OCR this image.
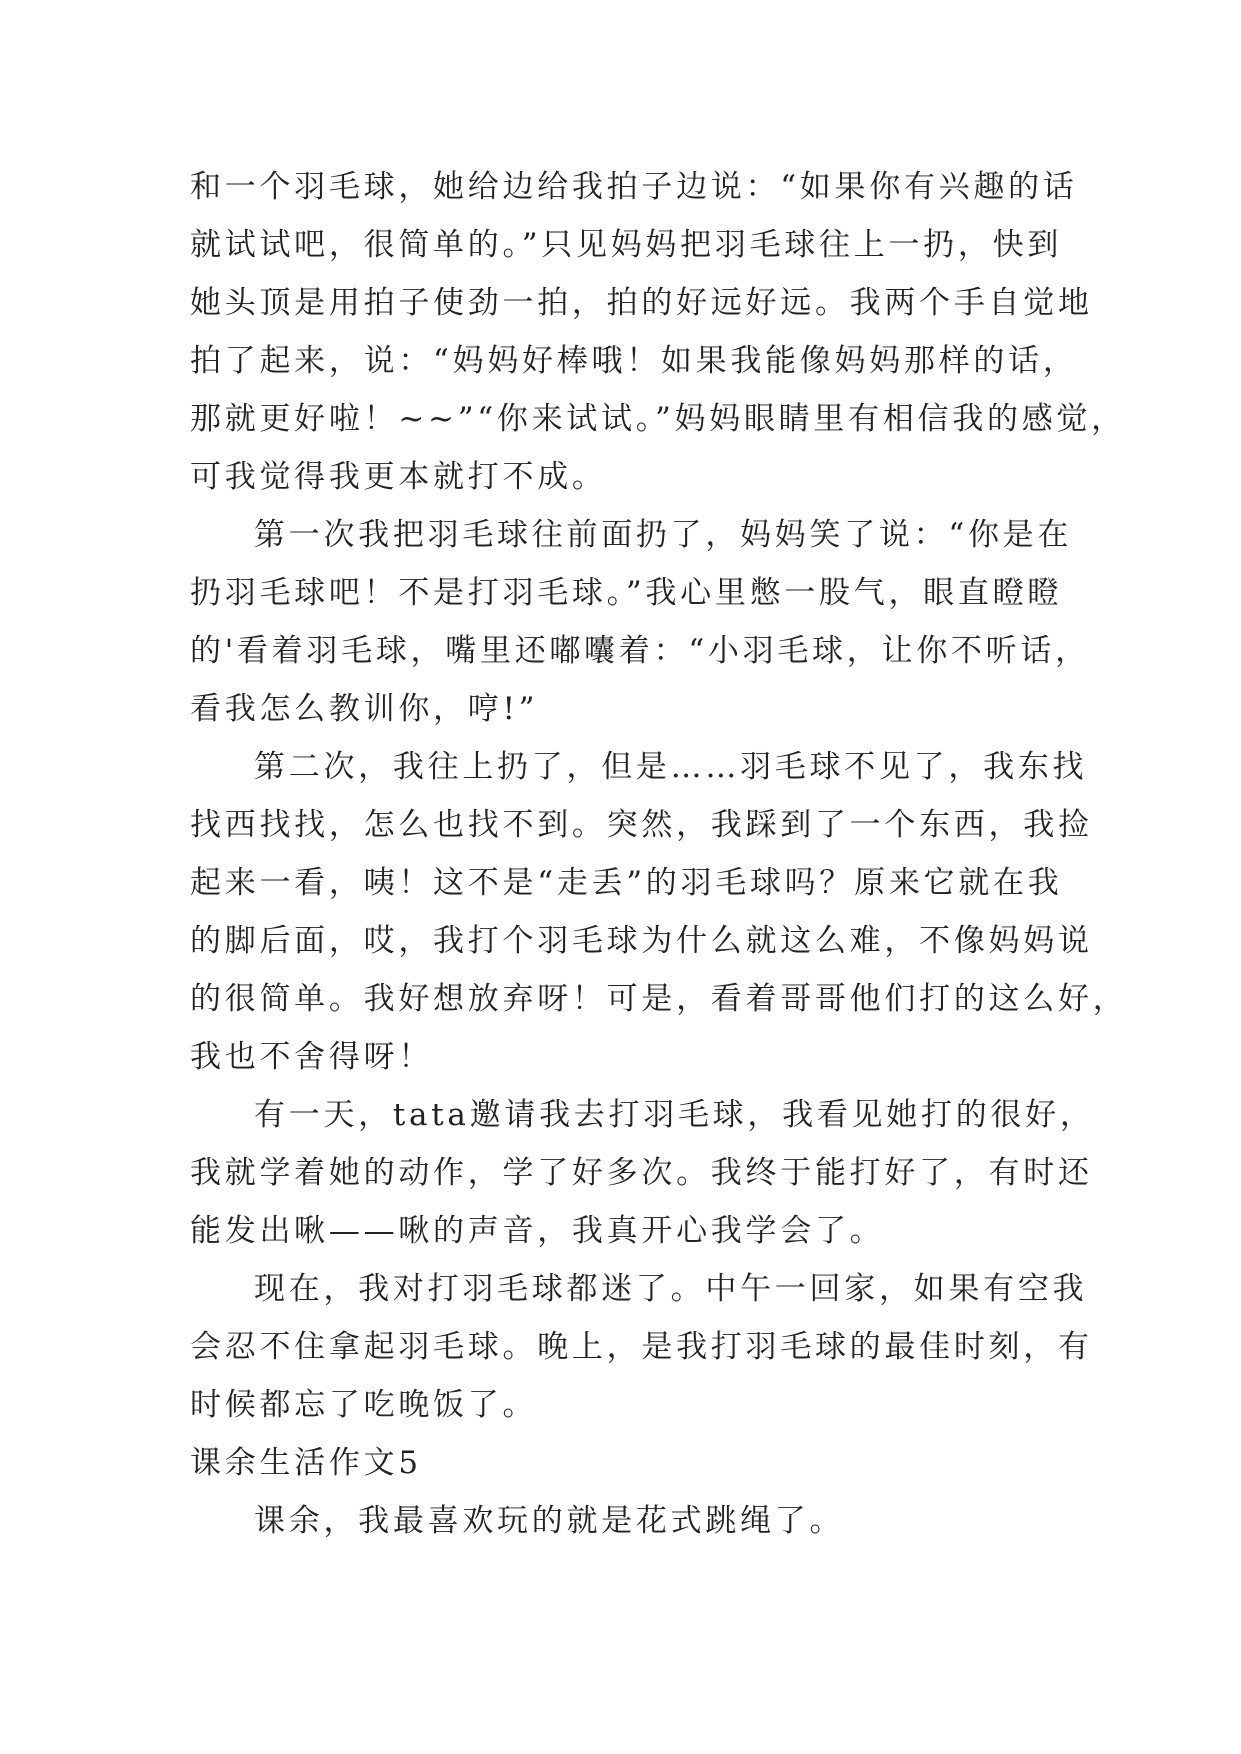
和一个羽毛球，她给边给我拍子边说：“如果你有兴趣的话
就试试吧，很简单的。”只见妈妈把羽毛球往上一扔，快到
她头顶是用拍子使劲一拍，拍的好远好远。我两个手自觉地
拍了起来，说：“妈妈好棒哦！如果我能像妈妈那样的话，
那就更好啦！~~”“你来试试。”妈妈眼睛里有相信我的感觉，
可我觉得我更本就打不成。
第一次我把羽毛球往前面扔了，妈妈笑了说：“你是在
扔羽毛球吧！不是打羽毛球。”我心里憋一股气，眼直瞪瞪
的'看着羽毛球，嘴里还嘟囔着：“小羽毛球，让你不听话，
看我怎么教训你，哼!”
第二次，我往上扔了，但是……羽毛球不见了，我东找
找西找找，怎么也找不到。突然，我踩到了一个东西，我捡
起来一看，咦！这不是“走丢”的羽毛球吗？原来它就在我
的脚后面，哎，我打个羽毛球为什么就这么难，不像妈妈说
的很简单。我好想放弃呀！可是，看着哥哥他们打的这么好，
我也不舍得呀！
有一天，tata邀请我去打羽毛球，我看见她打的很好，
我就学着她的动作，学了好多次。我终于能打好了，有时还
能发出啾——啾的声音，我真开心我学会了。
现在，我对打羽毛球都迷了。中午一回家，如果有空我
会忍不住拿起羽毛球。晚上，是我打羽毛球的最佳时刻，有
时候都忘了吃晚饭了。
课余生活作文5
课余，我最喜欢玩的就是花式跳绳了。
